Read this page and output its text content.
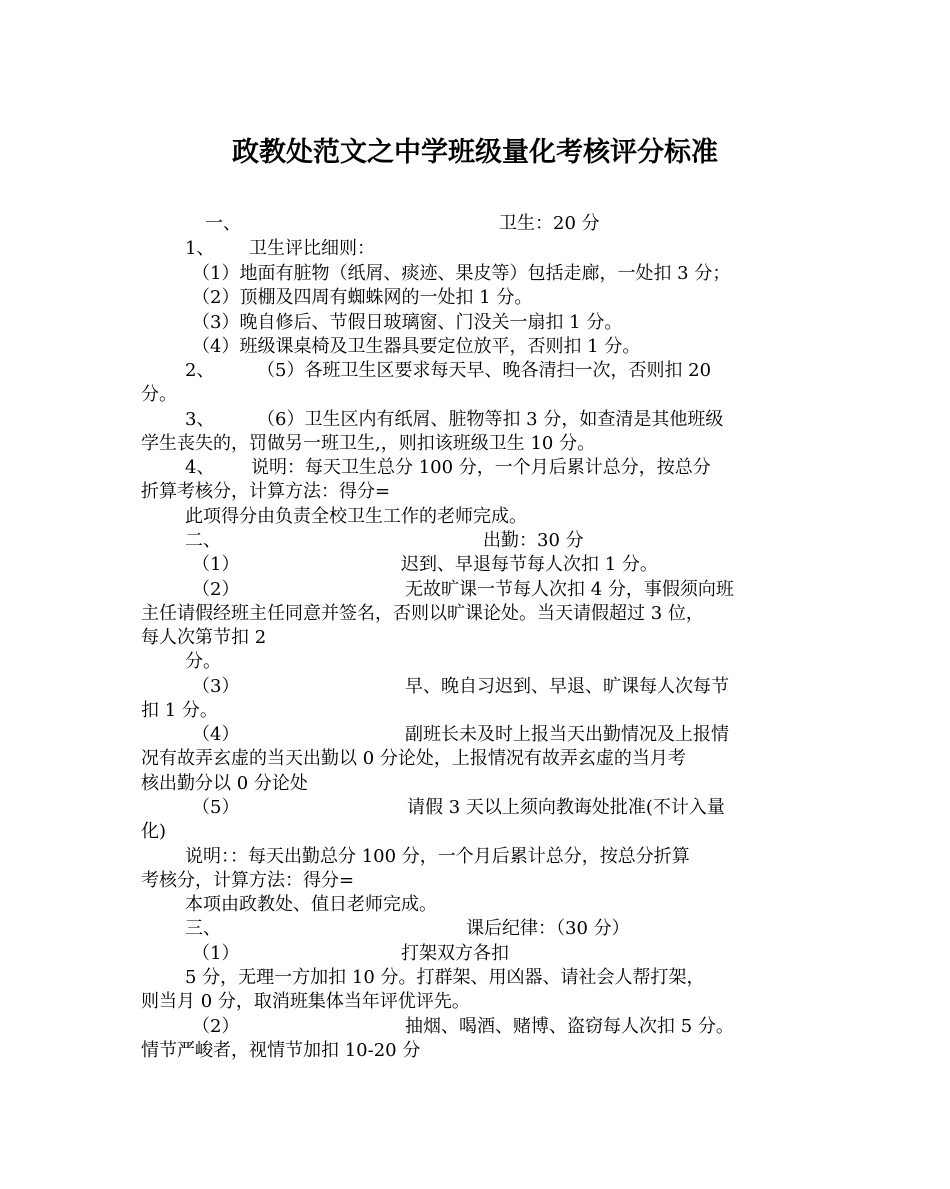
政教处范文之中学班级量化考核评分标准
一、	卫生：20 分
1、 卫生评比细则：
（1）地面有脏物（纸屑、痰迹、果皮等）包括走廊，一处扣 3 分；
（2）顶棚及四周有蜘蛛网的一处扣 1 分。
（3）晚自修后、节假日玻璃窗、门没关一扇扣 1 分。
（4）班级课桌椅及卫生器具要定位放平，否则扣 1 分。
2、 （5）各班卫生区要求每天早、晚各清扫一次，否则扣 20
分。
3、 （6）卫生区内有纸屑、脏物等扣 3 分，如查清是其他班级
学生丧失的，罚做另一班卫生,，则扣该班级卫生 10 分。
4、 说明：每天卫生总分 100 分，一个月后累计总分，按总分
折算考核分，计算方法：得分=
此项得分由负责全校卫生工作的老师完成。
二、	出勤：30 分
（1）	迟到、早退每节每人次扣 1 分。
（2）	无故旷课一节每人次扣 4 分，事假须向班
主任请假经班主任同意并签名，否则以旷课论处。当天请假超过 3 位，
每人次第节扣 2
分。
（3）	早、晚自习迟到、早退、旷课每人次每节
扣 1 分。
（4）	副班长未及时上报当天出勤情况及上报情
况有故弄玄虚的当天出勤以 0 分论处，上报情况有故弄玄虚的当月考
核出勤分以 0 分论处
（5）	请假 3 天以上须向教诲处批准(不计入量
化)
说明：：每天出勤总分 100 分，一个月后累计总分，按总分折算
考核分，计算方法：得分=
本项由政教处、值日老师完成。
三、	课后纪律：（30 分）
（1）	打架双方各扣
5 分，无理一方加扣 10 分。打群架、用凶器、请社会人帮打架，
则当月 0 分，取消班集体当年评优评先。
（2）	抽烟、喝酒、赌博、盗窃每人次扣 5 分。
情节严峻者，视情节加扣 10-20 分
